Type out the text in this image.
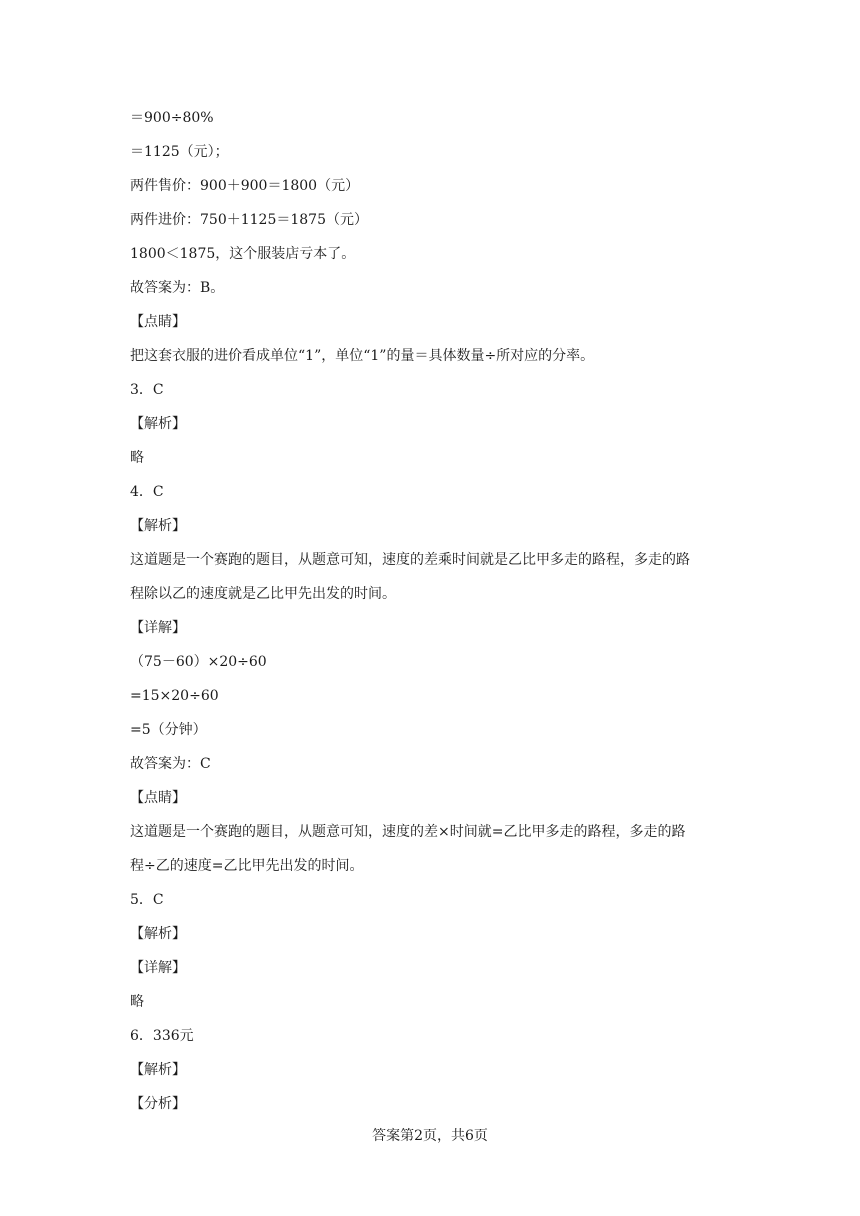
＝900÷80%
＝1125（元）；
两件售价：900＋900＝1800（元）
两件进价：750＋1125＝1875（元）
1800＜1875，这个服装店亏本了。
故答案为：B。
【点睛】
把这套衣服的进价看成单位“1”，单位“1”的量＝具体数量÷所对应的分率。
3．C
【解析】
略
4．C
【解析】
这道题是一个赛跑的题目，从题意可知，速度的差乘时间就是乙比甲多走的路程，多走的路
程除以乙的速度就是乙比甲先出发的时间。
【详解】
（75－60）×20÷60
=15×20÷60
=5（分钟）
故答案为：C
【点睛】
这道题是一个赛跑的题目，从题意可知，速度的差×时间就=乙比甲多走的路程，多走的路
程÷乙的速度=乙比甲先出发的时间。
5．C
【解析】
【详解】
略
6．336元
【解析】
【分析】
答案第2页，共6页
